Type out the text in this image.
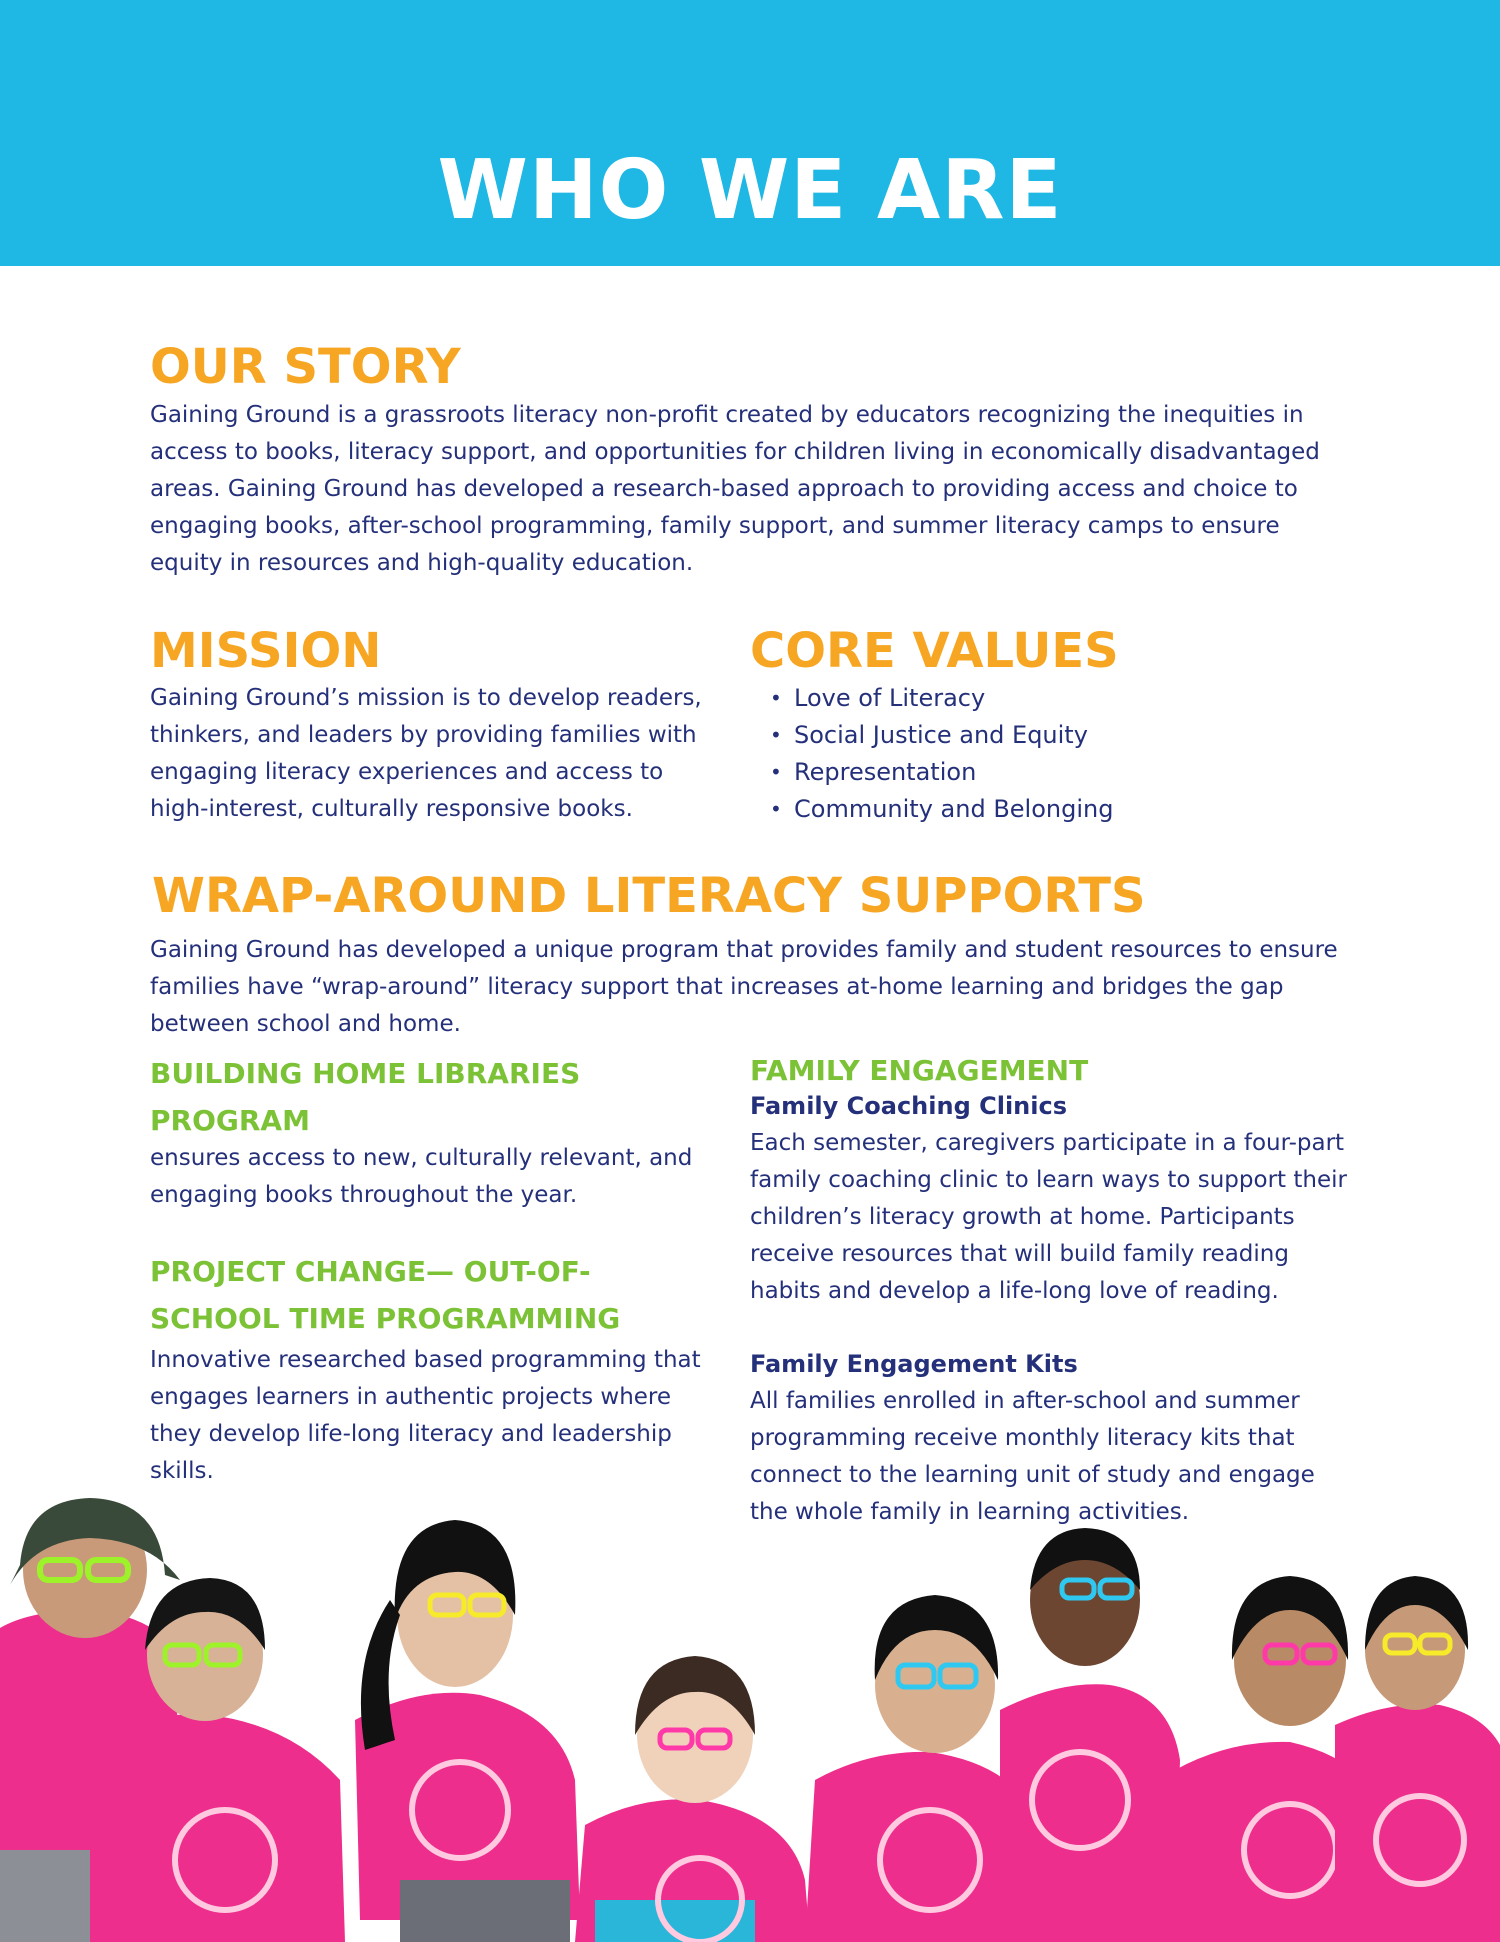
WHO WE ARE
OUR STORY

Gaining Ground is a grassroots literacy non-profit created by educators recognizing the inequities in access to books, literacy support, and opportunities for children living in economically disadvantaged areas. Gaining Ground has developed a research-based approach to providing access and choice to engaging books, after-school programming, family support, and summer literacy camps to ensure equity in resources and high-quality education.

MISSION

Gaining Ground’s mission is to develop readers, thinkers, and leaders by providing families with engaging literacy experiences and access to high-interest, culturally responsive books.

CORE VALUES
• Love of Literacy
• Social Justice and Equity
• Representation
• Community and Belonging
WRAP-AROUND LITERACY SUPPORTS

Gaining Ground has developed a unique program that provides family and student resources to ensure families have “wrap-around” literacy support that increases at-home learning and bridges the gap between school and home.

BUILDING HOME LIBRARIES PROGRAM

ensures access to new, culturally relevant, and engaging books throughout the year.

PROJECT CHANGE— OUT-OF-SCHOOL TIME PROGRAMMING

Innovative researched based programming that engages learners in authentic projects where they develop life-long literacy and leadership skills.

FAMILY ENGAGEMENT
Family Coaching Clinics

Each semester, caregivers participate in a four-part family coaching clinic to learn ways to support their children’s literacy growth at home. Participants receive resources that will build family reading habits and develop a life-long love of reading.

Family Engagement Kits

All families enrolled in after-school and summer programming receive monthly literacy kits that connect to the learning unit of study and engage the whole family in learning activities.
